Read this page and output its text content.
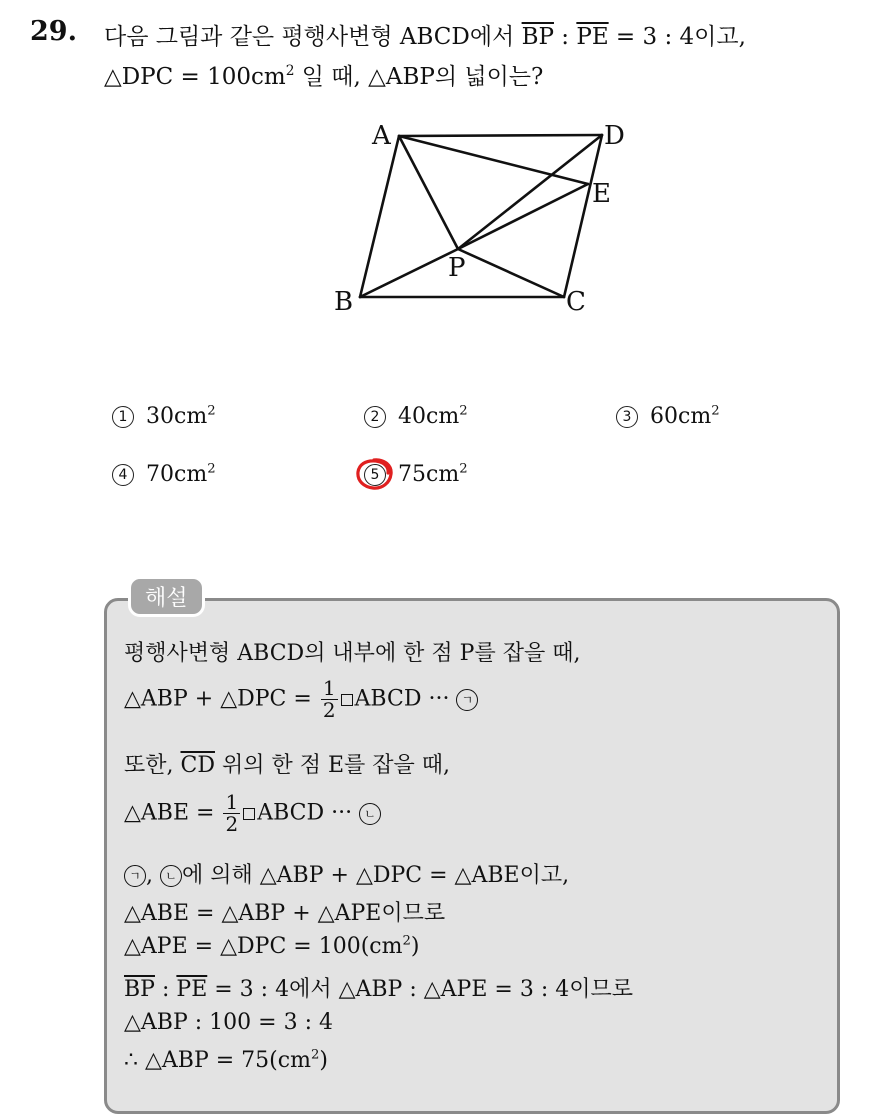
29. 다음 그림과 같은 평행사변형 ABCD에서 $\overline{BP}$ : $\overline{PE} = 3$ : 4이고,
△DPC = $100cm^2$ 일 때, △ABP의 넓이는?
A	D
E
P
B	C
1 $30cm^2$	2 $40cm^2$	3 $60cm^2$
4 $70cm^2$	5 $75cm^2$
해설
평행사변형 ABCD의 내부에 한 점 P를 잡을 때,
△ABP + △DPC = $\frac{1}{2}$ ABCD ··· ㄱ
또한, $\overline{CD}$ 위의 한 점 E를 잡을 때,
△ABE = $\frac{1}{2}$ ABCD ··· ㄴ
ㄱ , ㄴ 에 의해 △ABP + △DPC = △ABE이고,
△ABE = △ABP + △APE이므로
△APE = △DPC = $100(cm^2)$
$\overline{BP}$ : $\overline{PE} = 3$ : 4에서 △ABP : △APE = 3 : 4이므로
△ABP : 100 = 3 : 4
∴ △ABP = $75(cm^2)$
